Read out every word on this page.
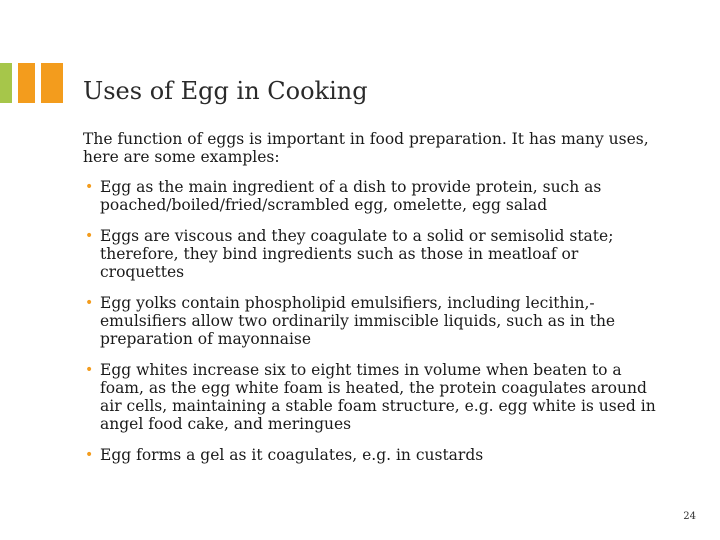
Uses of Egg in Cooking

The function of eggs is important in food preparation. It has many uses, here are some examples:

• Egg as the main ingredient of a dish to provide protein, such as poached/boiled/fried/scrambled egg, omelette, egg salad
• Eggs are viscous and they coagulate to a solid or semisolid state; therefore, they bind ingredients such as those in meatloaf or croquettes
• Egg yolks contain phospholipid emulsifiers, including lecithin,- emulsifiers allow two ordinarily immiscible liquids, such as in the preparation of mayonnaise
• Egg whites increase six to eight times in volume when beaten to a foam, as the egg white foam is heated, the protein coagulates around air cells, maintaining a stable foam structure, e.g. egg white is used in angel food cake, and meringues
• Egg forms a gel as it coagulates, e.g. in custards
24
